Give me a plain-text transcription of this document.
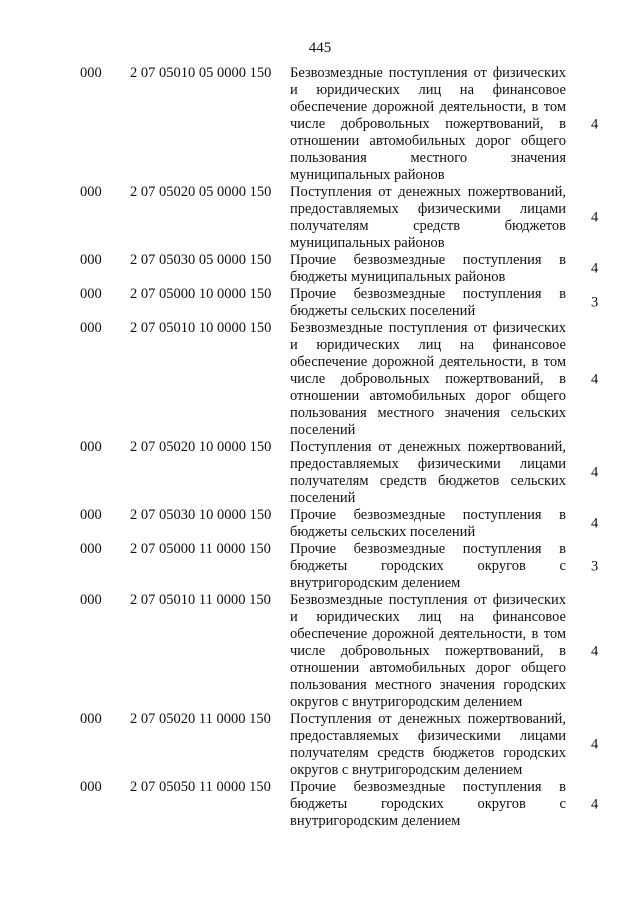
445
000 2 07 05010 05 0000 150 Безвозмездные поступления от физических и юридических лиц на финансовое обеспечение дорожной деятельности, в том числе добровольных пожертвований, в отношении автомобильных дорог общего пользования местного значения муниципальных районов
4
000 2 07 05020 05 0000 150 Поступления от денежных пожертвований, предоставляемых физическими лицами получателям средств бюджетов муниципальных районов
4
000 2 07 05030 05 0000 150 Прочие безвозмездные поступления в бюджеты муниципальных районов
4
000 2 07 05000 10 0000 150 Прочие безвозмездные поступления в бюджеты сельских поселений
3
000 2 07 05010 10 0000 150 Безвозмездные поступления от физических и юридических лиц на финансовое обеспечение дорожной деятельности, в том числе добровольных пожертвований, в отношении автомобильных дорог общего пользования местного значения сельских поселений
4
000 2 07 05020 10 0000 150 Поступления от денежных пожертвований, предоставляемых физическими лицами получателям средств бюджетов сельских поселений
4
000 2 07 05030 10 0000 150 Прочие безвозмездные поступления в бюджеты сельских поселений
4
000 2 07 05000 11 0000 150 Прочие безвозмездные поступления в бюджеты городских округов с внутригородским делением
3
000 2 07 05010 11 0000 150 Безвозмездные поступления от физических и юридических лиц на финансовое обеспечение дорожной деятельности, в том числе добровольных пожертвований, в отношении автомобильных дорог общего пользования местного значения городских округов с внутригородским делением
4
000 2 07 05020 11 0000 150 Поступления от денежных пожертвований, предоставляемых физическими лицами получателям средств бюджетов городских округов с внутригородским делением
4
000 2 07 05050 11 0000 150 Прочие безвозмездные поступления в бюджеты городских округов с внутригородским делением
4
